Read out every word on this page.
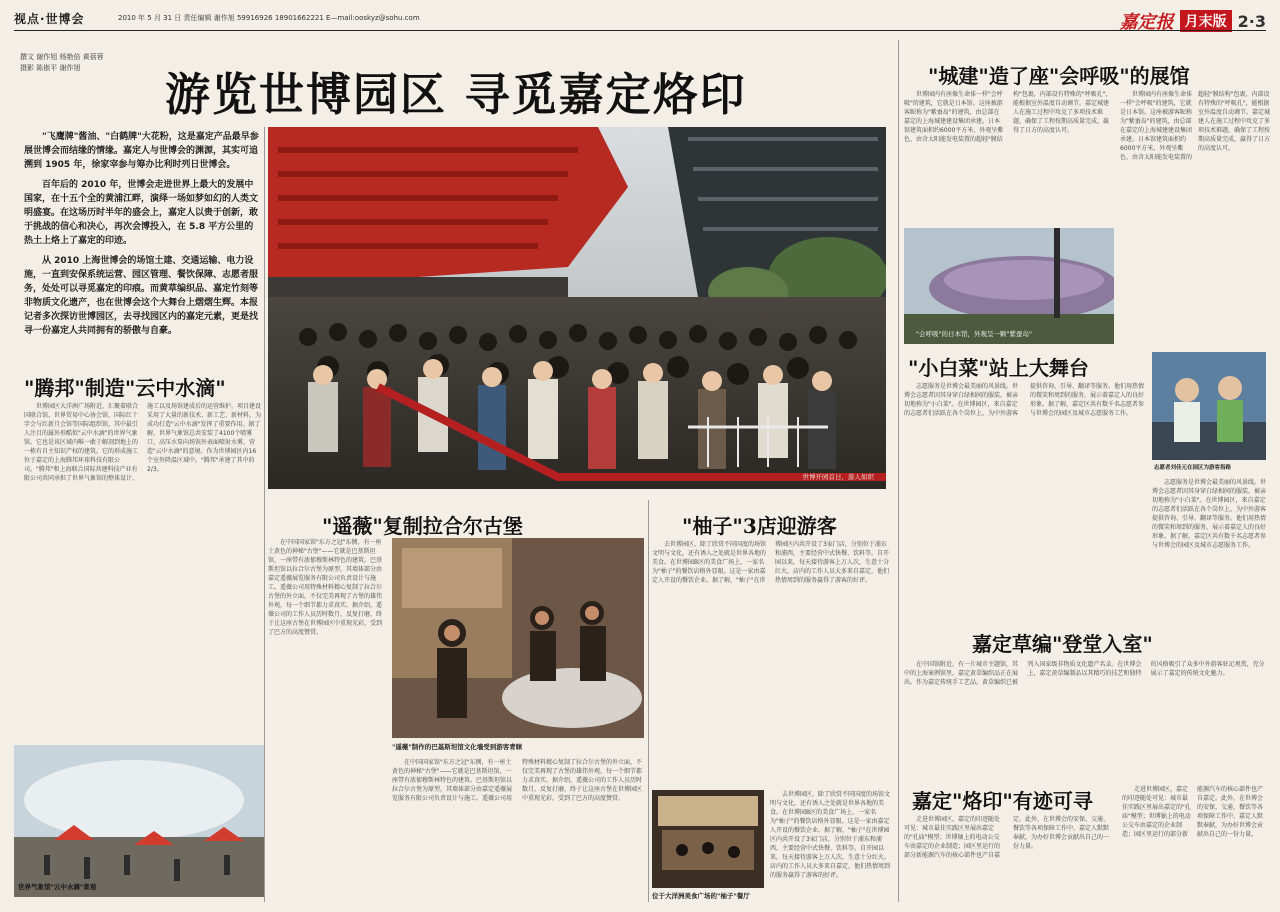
视点·世博会	2010 年 5 月 31 日 责任编辑 谢作旭 59916926 18901662221 E—mail:ooskyz@sohu.com	嘉定报 月末版 2·3
撰文 谢作旭 杨艳倍 黄蓓蓉
摄影 陈嵌平 谢作旭	游览世博园区 寻觅嘉定烙印

"飞鹰牌"酱油、"白鹤牌"大花粉，这是嘉定产品最早参展世博会而结缘的情缘。嘉定人与世博会的渊源，其实可追溯到 1905 年，徐家宰参与筹办比利时列日世博会。

百年后的 2010 年，世博会走进世界上最大的发展中国家，在十五个全的黄浦江畔，演绎一场如梦如幻的人类文明盛宴。在这场历时半年的盛会上，嘉定人以贵于创新，敢于挑战的信心和决心，再次会博投入，在 5.8 平方公里的热土上烙上了嘉定的印迹。

从 2010 上海世博会的场馆土建、交通运输、电力设施，一直到安保系统运营、园区管理、餐饮保障、志愿者服务，处处可以寻觅嘉定的印痕。而黄草编织品、嘉定竹刻等非物质文化遗产，也在世博会这个大舞台上熠熠生辉。本报记者多次探访世博园区，去寻找园区内的嘉定元素，更是找寻一份嘉定人共同拥有的骄傲与自豪。

世博开园首日，游人如织
"腾邦"制造"云中水滴"

世博园区大洋洲广场附近，汇聚着联合国联合馆、世界贸易中心协会馆、国际红十字会与红新月会馆等国际组织馆，其中最引人注目的属外形酷似"云中水滴"的世界气象馆。它也是该区域内唯一敢于解剖到地上的一栋有自主知识产权的建筑。它的形成施工位于嘉定的上海腾邦环球科技有限公司。"腾邦"和上海联合国际共建科技产业有限公司共同承担了世界气象馆的整体设计、施工以及场馆建成后的运营维护。项目建设采用了大量的新技术、新工艺、新材料，为成功打造"云中水滴"发挥了重要作用。据了解，世界气象馆总共安装了4100个喷雾口，高压水泵向场馆外表面喷射水雾，营造"云中水滴"的意境。作为世博园区内16个室外降温区域中，"腾邦"承建了其中的2/3。

世界气象馆"云中水滴"景观
"遥薇"复制拉合尔古堡
"遥薇"制作的巴基斯坦馆文化墙受到游客青睐

在中国国家馆"东方之冠"东侧，有一座土黄色的神秘"古堡"——它就是巴基斯坦馆，一座带有浓郁穆斯林特色的建筑。巴基斯坦馆以拉合尔古堡为原型，其墙体部分由嘉定遥薇展览服务有限公司负责设计与施工。遥薇公司用特殊材料精心复制了拉合尔古堡的外立面，不仅完美再现了古堡的雄伟外观，每一个细节都力求真实。据介绍，遥薇公司的工作人员历时数月，反复打磨，终于让这座古堡在世博园区中重现光彩，受到了巴方的高度赞赏。

在中国国家馆"东方之冠"东侧，有一座土黄色的神秘"古堡"——它就是巴基斯坦馆，一座带有浓郁穆斯林特色的建筑。巴基斯坦馆以拉合尔古堡为原型，其墙体部分由嘉定遥薇展览服务有限公司负责设计与施工。遥薇公司用特殊材料精心复制了拉合尔古堡的外立面，不仅完美再现了古堡的雄伟外观，每一个细节都力求真实。据介绍，遥薇公司的工作人员历时数月，反复打磨，终于让这座古堡在世博园区中重现光彩，受到了巴方的高度赞赏。

"柚子"3店迎游客

去世博园区，除了欣赏不同国度的场馆文明与文化，还有诱人之处就是世界各地的美食。在世博园B区的美食广场上，一家名为"柚子"的餐饮店格外显眼。这是一家由嘉定人开设的餐饮企业。据了解，"柚子"在世博园区内共开设了3家门店，分别位于浦东和浦西，主要经营中式快餐、饮料等。自开园以来，每天接待游客上万人次，生意十分红火。店内的工作人员大多来自嘉定，他们热情周到的服务赢得了游客的好评。

位于大洋洲美食广场的"柚子"餐厅

去世博园区，除了欣赏不同国度的场馆文明与文化，还有诱人之处就是世界各地的美食。在世博园B区的美食广场上，一家名为"柚子"的餐饮店格外显眼。这是一家由嘉定人开设的餐饮企业。据了解，"柚子"在世博园区内共开设了3家门店，分别位于浦东和浦西，主要经营中式快餐、饮料等。自开园以来，每天接待游客上万人次，生意十分红火。店内的工作人员大多来自嘉定，他们热情周到的服务赢得了游客的好评。

"城建"造了座"会呼吸"的展馆

世博园内有座像生命体一样"会呼吸"的建筑，它就是日本馆。这座被游客昵称为"紫蚕岛"的建筑，由总部在嘉定的上海城建建设集团承建。日本馆建筑面积约6000平方米，外观呈紫色，由含太阳能发电装置的超轻"膜结构"包裹，内部设有特殊的"呼吸孔"，能根据室外温度自动调节。嘉定城建人在施工过程中攻克了多项技术难题，确保了工程按期高质量完成，赢得了日方的高度认可。

世博园内有座像生命体一样"会呼吸"的建筑，它就是日本馆。这座被游客昵称为"紫蚕岛"的建筑，由总部在嘉定的上海城建建设集团承建。日本馆建筑面积约6000平方米，外观呈紫色，由含太阳能发电装置的超轻"膜结构"包裹，内部设有特殊的"呼吸孔"，能根据室外温度自动调节。嘉定城建人在施工过程中攻克了多项技术难题，确保了工程按期高质量完成，赢得了日方的高度认可。

"会呼吸"的日本馆，外观呈一颗"紫蚕岛"
"小白菜"站上大舞台

志愿服务是世博会最美丽的风景线。世博会志愿者因其身穿白绿相间的服装，被亲切地称为"小白菜"。在世博园区，来自嘉定的志愿者们活跃在各个岗位上，为中外游客提供咨询、引导、翻译等服务。他们用热情的微笑和周到的服务，展示着嘉定人的良好形象。据了解，嘉定区共有数千名志愿者参与世博会的园区及城市志愿服务工作。

志愿者刘佳元在园区为游客指路

志愿服务是世博会最美丽的风景线。世博会志愿者因其身穿白绿相间的服装，被亲切地称为"小白菜"。在世博园区，来自嘉定的志愿者们活跃在各个岗位上，为中外游客提供咨询、引导、翻译等服务。他们用热情的微笑和周到的服务，展示着嘉定人的良好形象。据了解，嘉定区共有数千名志愿者参与世博会的园区及城市志愿服务工作。

嘉定草编"登堂入室"

在中国馆附近，有一片城市主题馆，其中的上海案例馆里，嘉定黄草编织品正在展出。作为嘉定传统手工艺品，黄草编织已被列入国家级非物质文化遗产名录。在世博会上，嘉定黄草编制品以其精巧的技艺和独特的风格吸引了众多中外游客驻足观赏，充分展示了嘉定的传统文化魅力。

嘉定"烙印"有迹可寻

走进世博园区，嘉定的印迹随处可见：城市最佳实践区里展出嘉定的"孔庙"模型；世博轴上的电动公交车由嘉定的企业制造；园区里运行的部分新能源汽车的核心部件也产自嘉定。此外，在世博会的安保、交通、餐饮等各项保障工作中，嘉定人默默奉献，为办好世博会贡献出自己的一份力量。

走进世博园区，嘉定的印迹随处可见：城市最佳实践区里展出嘉定的"孔庙"模型；世博轴上的电动公交车由嘉定的企业制造；园区里运行的部分新能源汽车的核心部件也产自嘉定。此外，在世博会的安保、交通、餐饮等各项保障工作中，嘉定人默默奉献，为办好世博会贡献出自己的一份力量。
